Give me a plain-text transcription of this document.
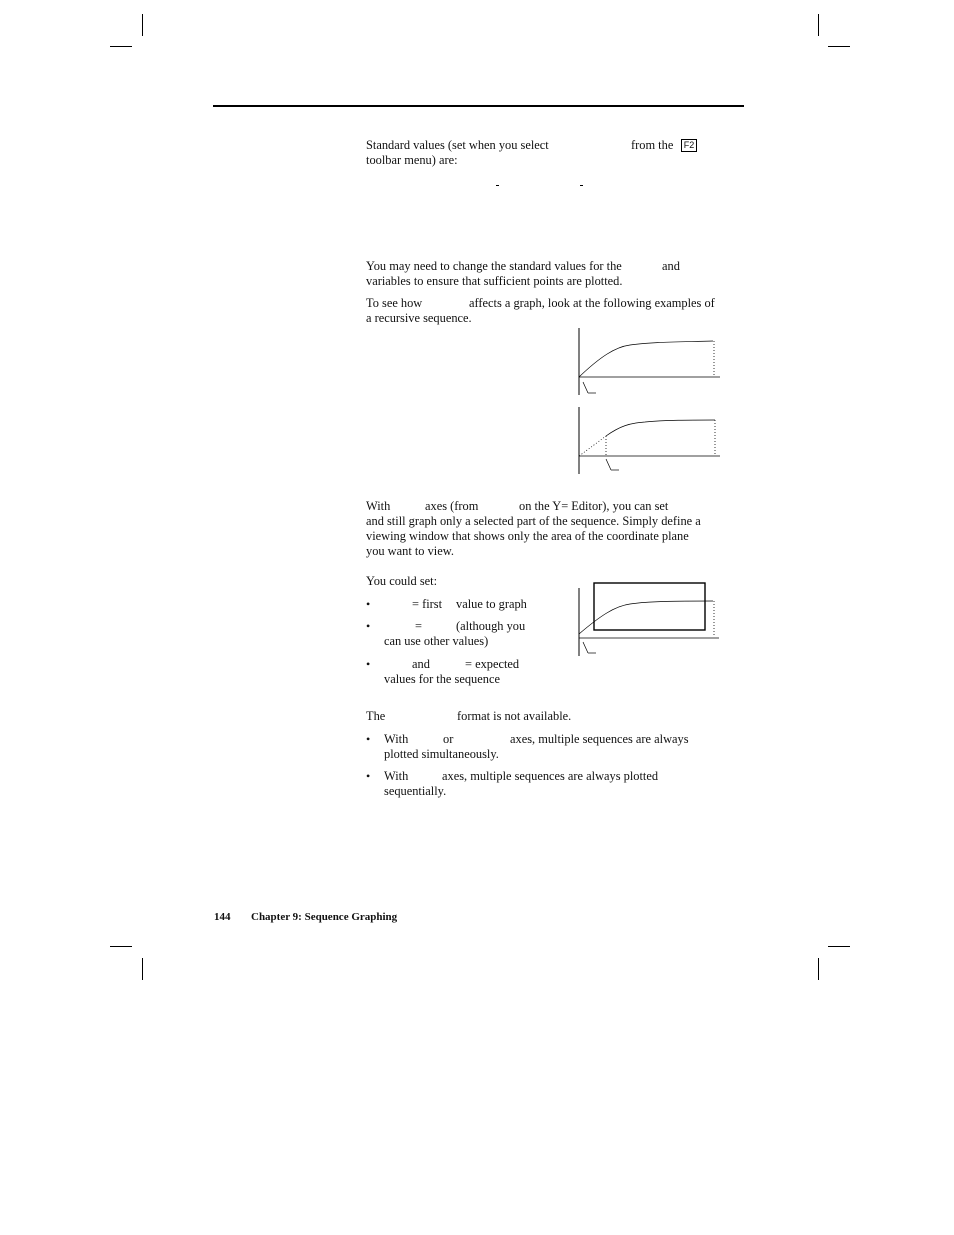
Standard values (set when you select	from the	F2
toolbar menu) are:
You may need to change the standard values for the	and
variables to ensure that sufficient points are plotted.
To see how	affects a graph, look at the following examples of
a recursive sequence.
With	axes (from	on the Y= Editor), you can set
and still graph only a selected part of the sequence. Simply define a
viewing window that shows only the area of the coordinate plane
you want to view.
You could set:
•	= first value to graph
•	=	(although you
can use other values)
•	and	= expected
values for the sequence
The	format is not available.
• With	or	axes, multiple sequences are always
plotted simultaneously.
• With	axes, multiple sequences are always plotted
sequentially.
144 Chapter 9: Sequence Graphing
